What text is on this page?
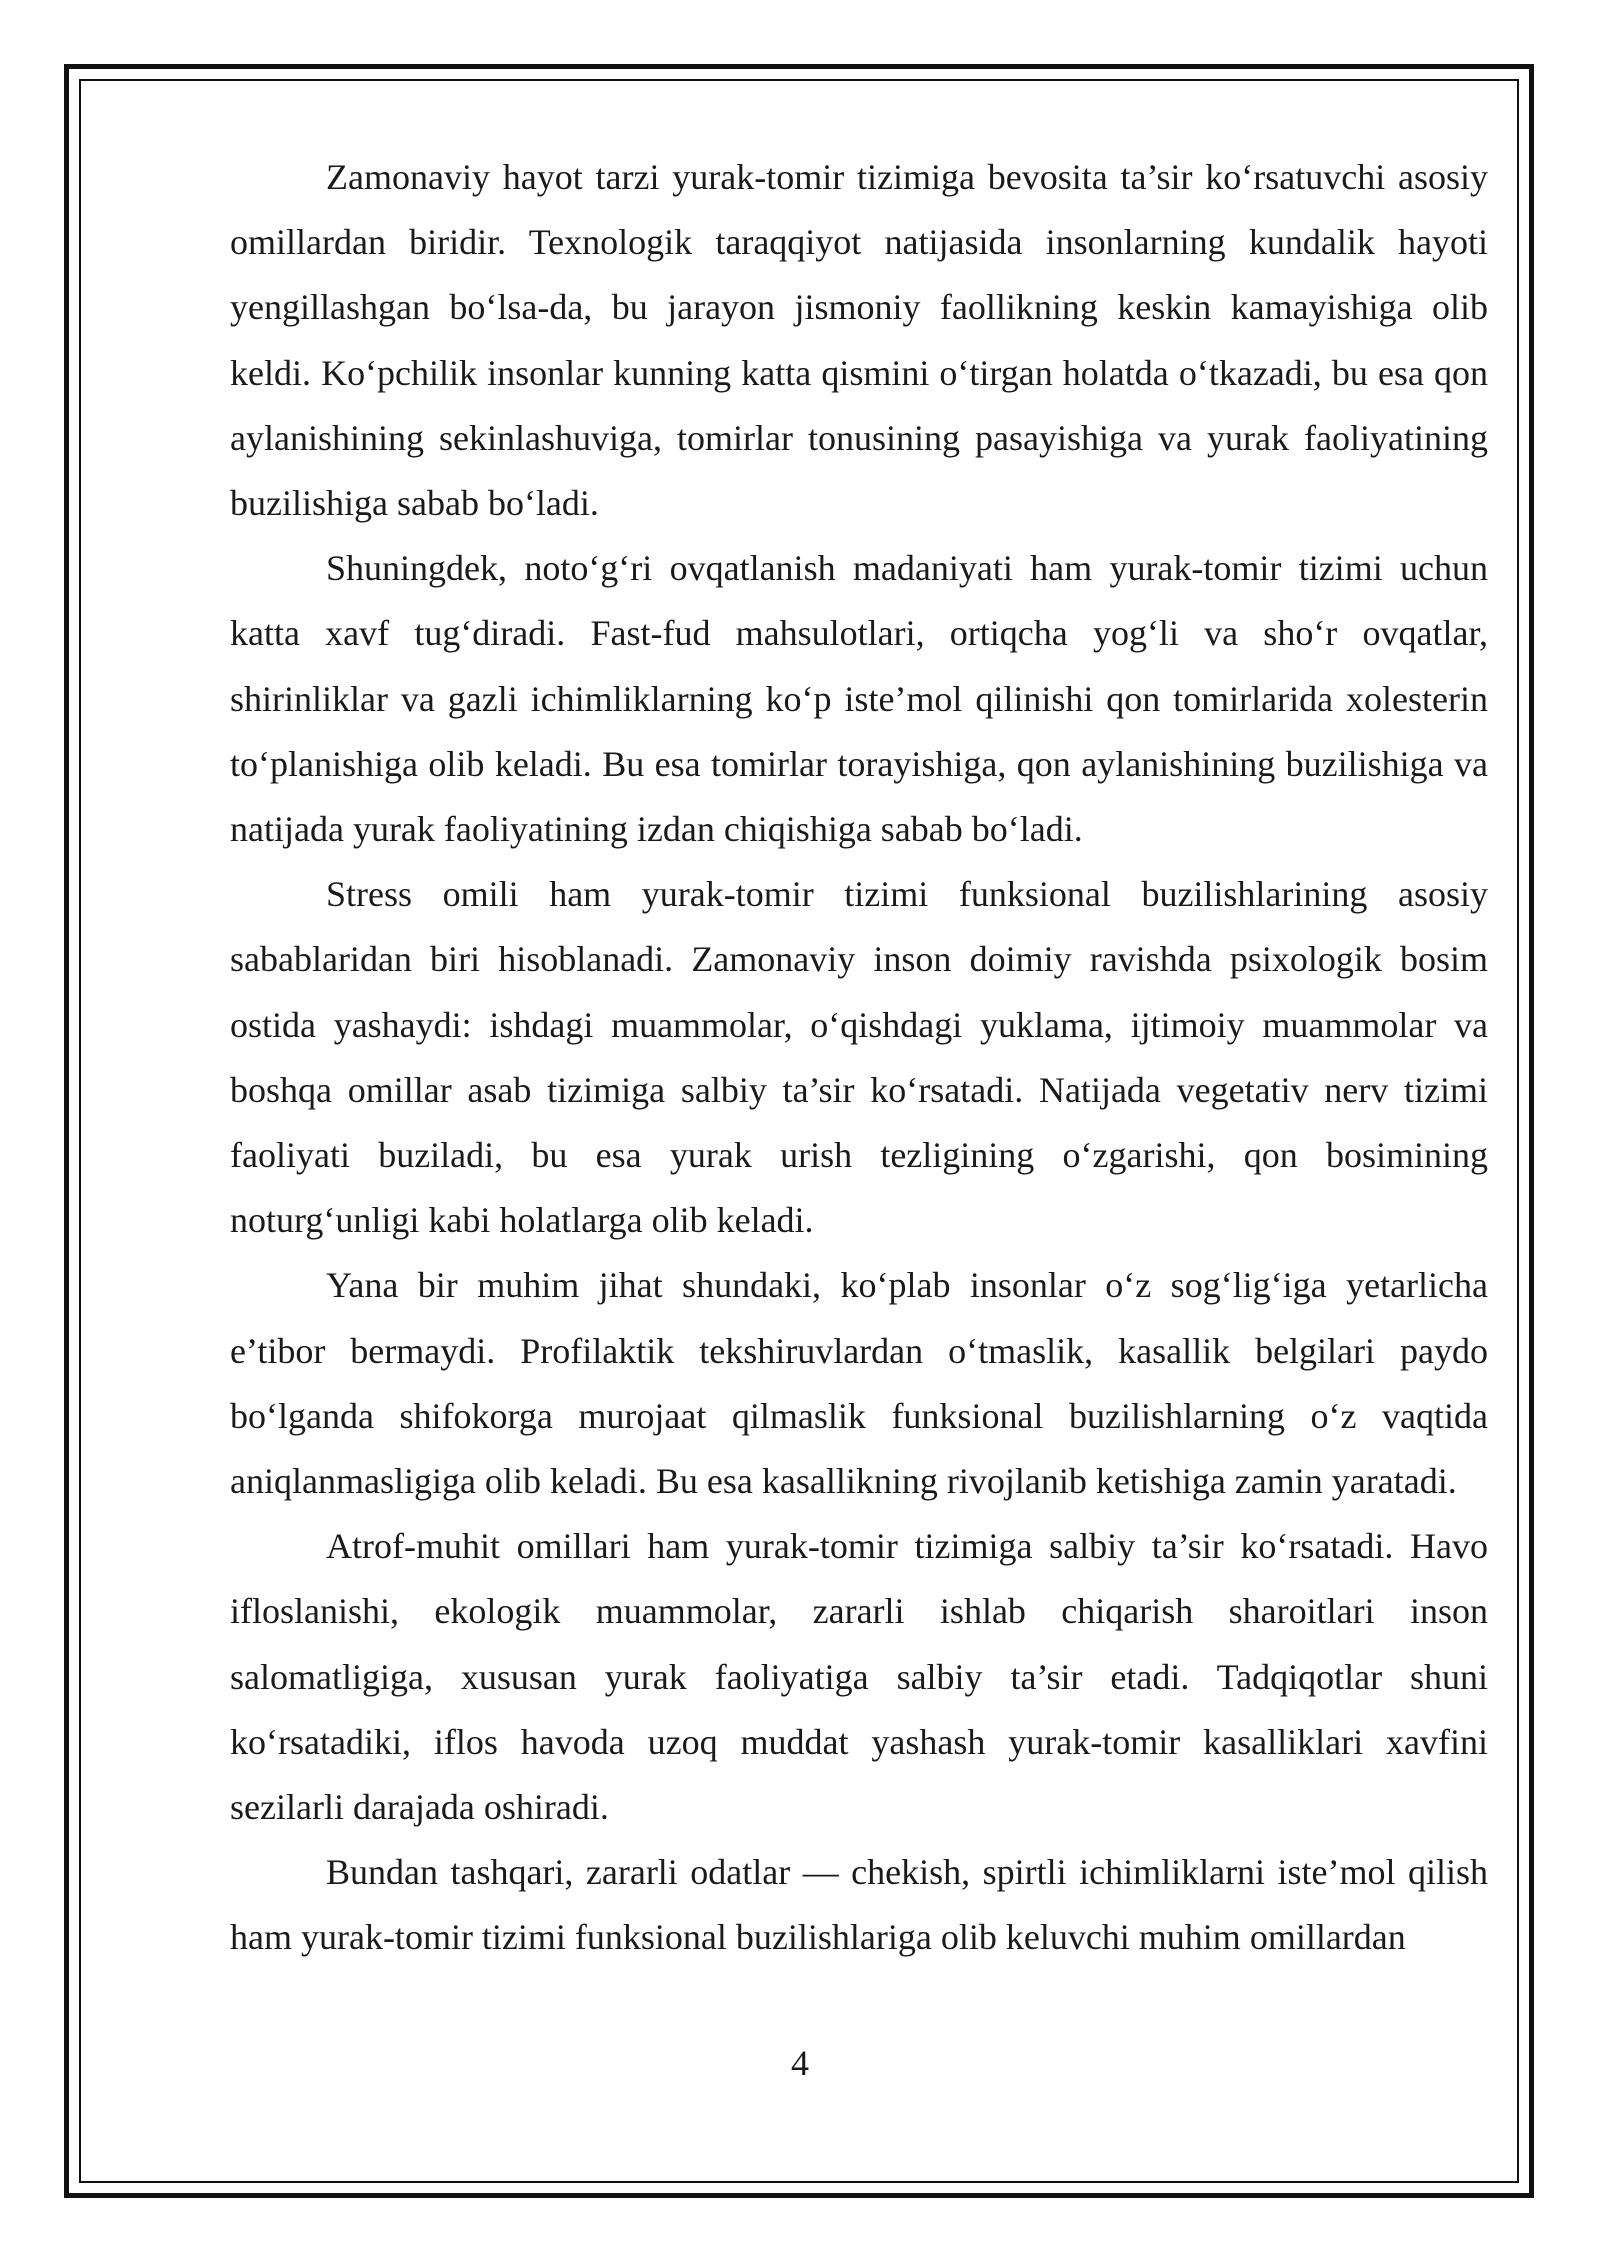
Zamonaviy hayot tarzi yurak-tomir tizimiga bevosita ta’sir ko‘rsatuvchi asosiy omillardan biridir. Texnologik taraqqiyot natijasida insonlarning kundalik hayoti yengillashgan bo‘lsa-da, bu jarayon jismoniy faollikning keskin kamayishiga olib keldi. Ko‘pchilik insonlar kunning katta qismini o‘tirgan holatda o‘tkazadi, bu esa qon aylanishining sekinlashuviga, tomirlar tonusining pasayishiga va yurak faoliyatining buzilishiga sabab bo‘ladi.

Shuningdek, noto‘g‘ri ovqatlanish madaniyati ham yurak-tomir tizimi uchun katta xavf tug‘diradi. Fast-fud mahsulotlari, ortiqcha yog‘li va sho‘r ovqatlar, shirinliklar va gazli ichimliklarning ko‘p iste’mol qilinishi qon tomirlarida xolesterin to‘planishiga olib keladi. Bu esa tomirlar torayishiga, qon aylanishining buzilishiga va natijada yurak faoliyatining izdan chiqishiga sabab bo‘ladi.

Stress omili ham yurak-tomir tizimi funksional buzilishlarining asosiy sabablaridan biri hisoblanadi. Zamonaviy inson doimiy ravishda psixologik bosim ostida yashaydi: ishdagi muammolar, o‘qishdagi yuklama, ijtimoiy muammolar va boshqa omillar asab tizimiga salbiy ta’sir ko‘rsatadi. Natijada vegetativ nerv tizimi faoliyati buziladi, bu esa yurak urish tezligining o‘zgarishi, qon bosimining noturg‘unligi kabi holatlarga olib keladi.

Yana bir muhim jihat shundaki, ko‘plab insonlar o‘z sog‘lig‘iga yetarlicha e’tibor bermaydi. Profilaktik tekshiruvlardan o‘tmaslik, kasallik belgilari paydo bo‘lganda shifokorga murojaat qilmaslik funksional buzilishlarning o‘z vaqtida aniqlanmasligiga olib keladi. Bu esa kasallikning rivojlanib ketishiga zamin yaratadi.

Atrof-muhit omillari ham yurak-tomir tizimiga salbiy ta’sir ko‘rsatadi. Havo ifloslanishi, ekologik muammolar, zararli ishlab chiqarish sharoitlari inson salomatligiga, xususan yurak faoliyatiga salbiy ta’sir etadi. Tadqiqotlar shuni ko‘rsatadiki, iflos havoda uzoq muddat yashash yurak-tomir kasalliklari xavfini sezilarli darajada oshiradi.

Bundan tashqari, zararli odatlar — chekish, spirtli ichimliklarni iste’mol qilish ham yurak-tomir tizimi funksional buzilishlariga olib keluvchi muhim omillardan

4
